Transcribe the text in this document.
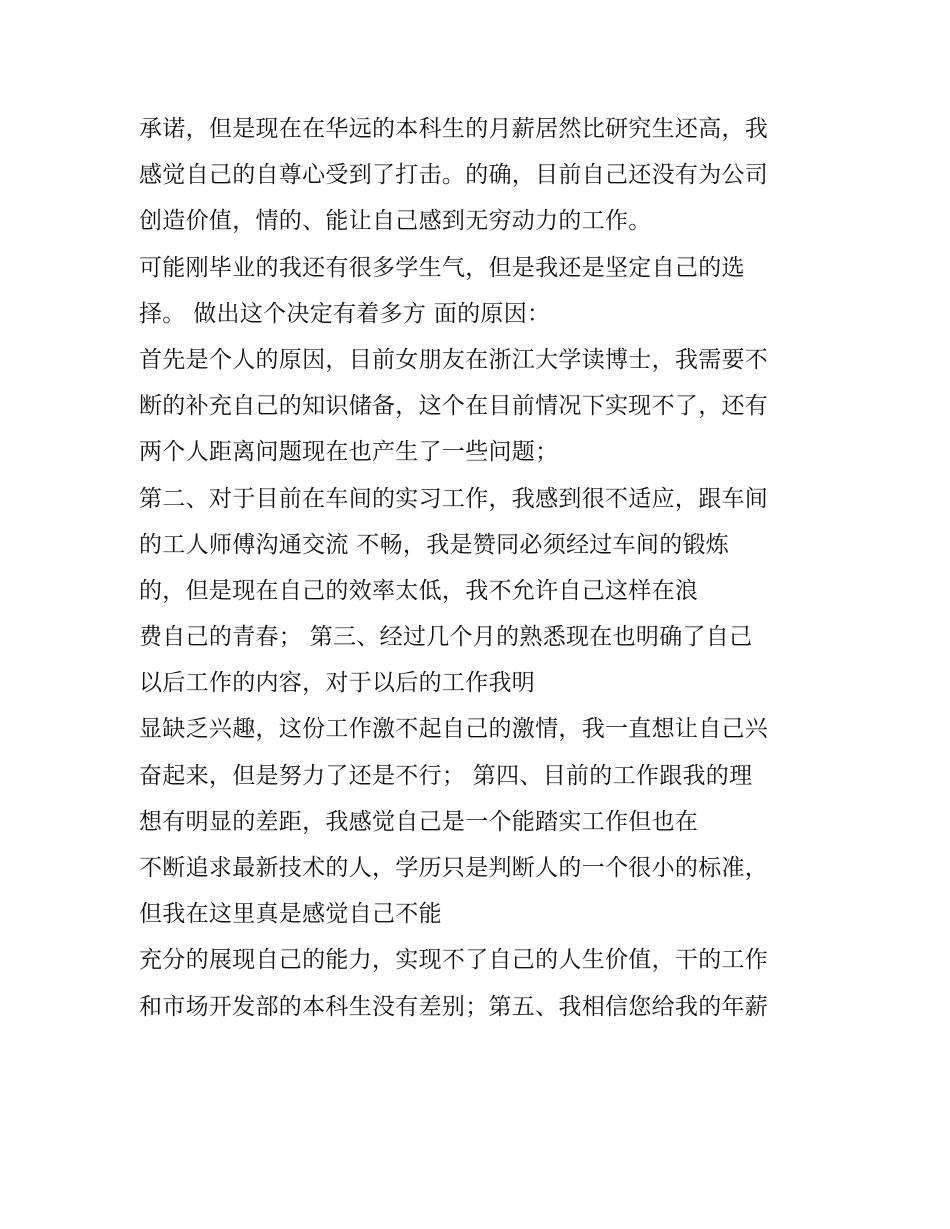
承诺，但是现在在华远的本科生的月薪居然比研究生还高，我
感觉自己的自尊心受到了打击。的确，目前自己还没有为公司
创造价值，情的、能让自己感到无穷动力的工作。
可能刚毕业的我还有很多学生气，但是我还是坚定自己的选
择。 做出这个决定有着多方 面的原因：
首先是个人的原因，目前女朋友在浙江大学读博士，我需要不
断的补充自己的知识储备，这个在目前情况下实现不了，还有
两个人距离问题现在也产生了一些问题；
第二、对于目前在车间的实习工作，我感到很不适应，跟车间
的工人师傅沟通交流 不畅，我是赞同必须经过车间的锻炼
的，但是现在自己的效率太低，我不允许自己这样在浪
费自己的青春； 第三、经过几个月的熟悉现在也明确了自己
以后工作的内容，对于以后的工作我明
显缺乏兴趣，这份工作激不起自己的激情，我一直想让自己兴
奋起来，但是努力了还是不行； 第四、目前的工作跟我的理
想有明显的差距，我感觉自己是一个能踏实工作但也在
不断追求最新技术的人，学历只是判断人的一个很小的标准，
但我在这里真是感觉自己不能
充分的展现自己的能力，实现不了自己的人生价值，干的工作
和市场开发部的本科生没有差别；第五、我相信您给我的年薪
